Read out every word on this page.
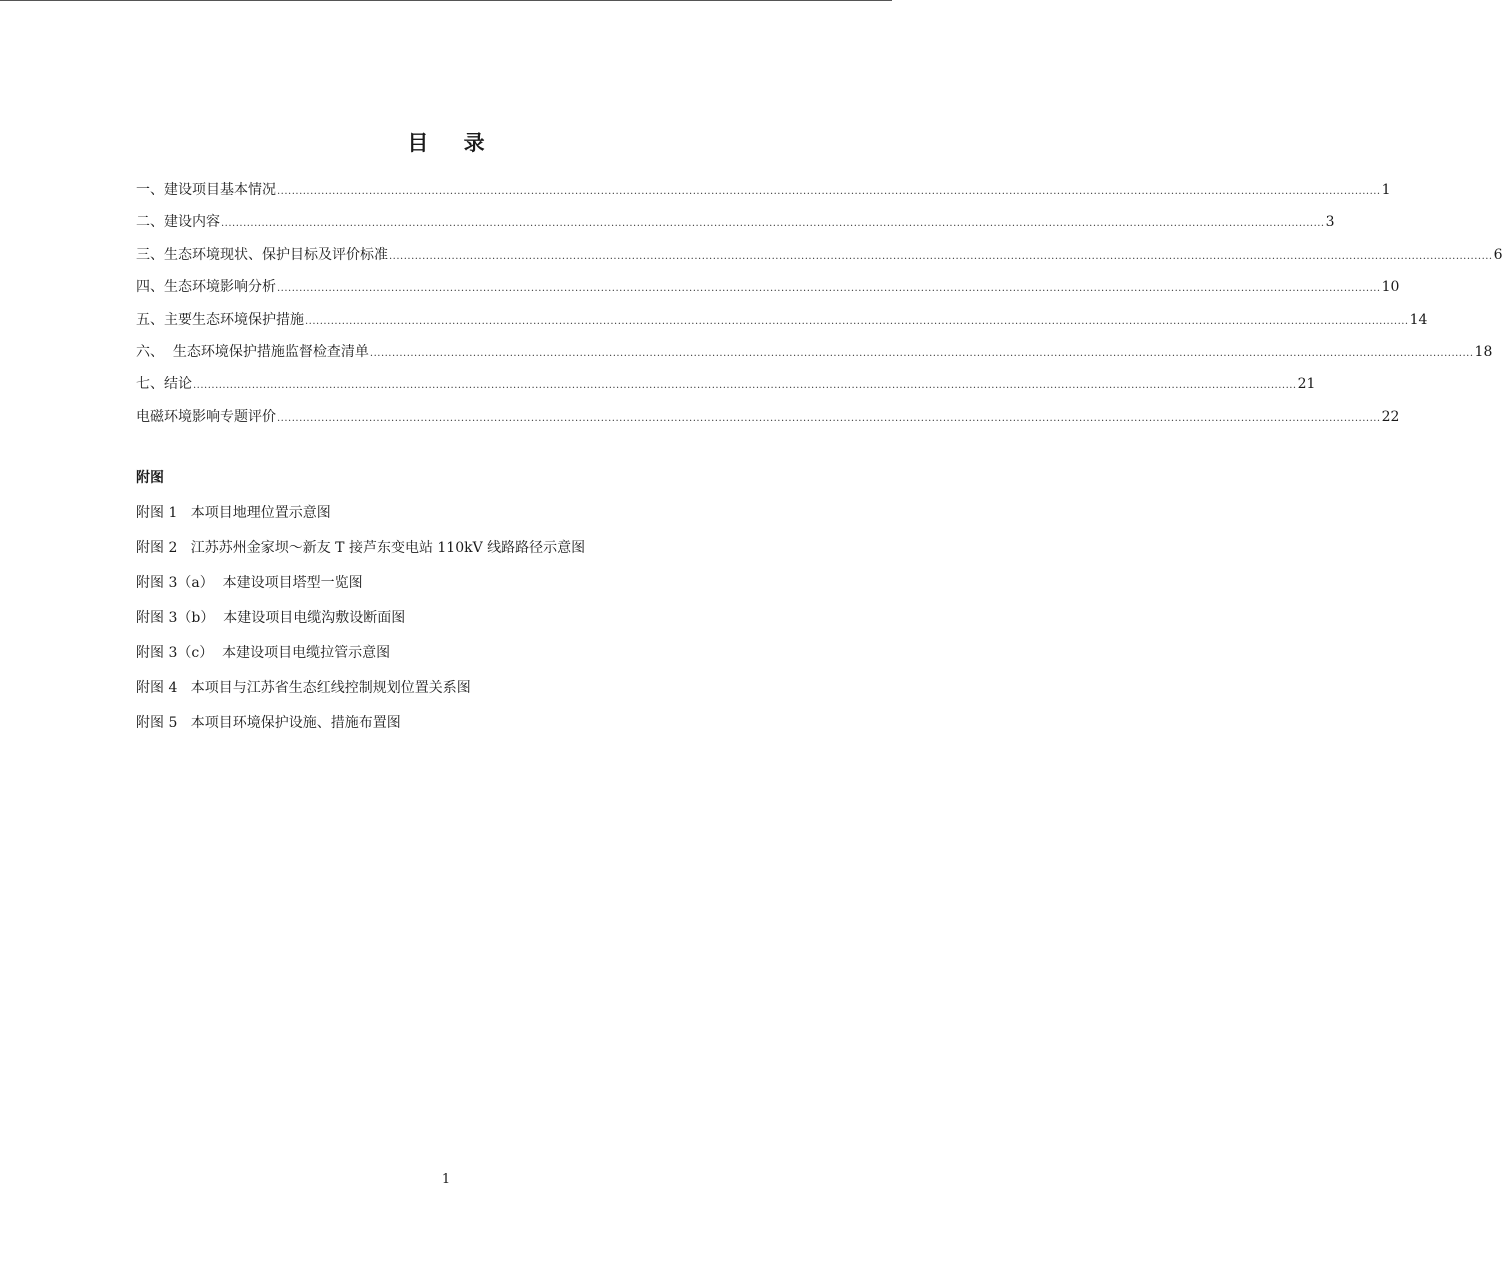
目 录
一、建设项目基本情况 ............................................................................................................................................................................................................................................................................................................ 1
二、建设内容 ............................................................................................................................................................................................................................................................................................................ 3
三、生态环境现状、保护目标及评价标准 ............................................................................................................................................................................................................................................................................................................ 6
四、生态环境影响分析 ............................................................................................................................................................................................................................................................................................................ 10
五、主要生态环境保护措施 ............................................................................................................................................................................................................................................................................................................ 14
六、  生态环境保护措施监督检查清单 ............................................................................................................................................................................................................................................................................................................ 18
七、结论 ............................................................................................................................................................................................................................................................................................................ 21
电磁环境影响专题评价 ............................................................................................................................................................................................................................................................................................................ 22
附图
附图 1   本项目地理位置示意图
附图 2   江苏苏州金家坝～新友 T 接芦东变电站 110kV 线路路径示意图
附图 3（a）  本建设项目塔型一览图
附图 3（b）  本建设项目电缆沟敷设断面图
附图 3（c）  本建设项目电缆拉管示意图
附图 4   本项目与江苏省生态红线控制规划位置关系图
附图 5   本项目环境保护设施、措施布置图
1
